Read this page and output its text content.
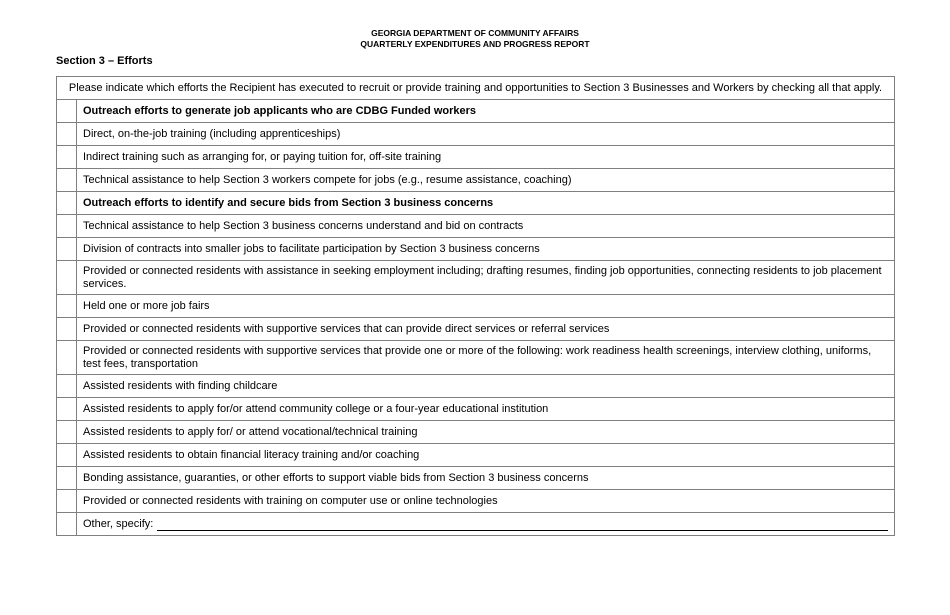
GEORGIA DEPARTMENT OF COMMUNITY AFFAIRS
QUARTERLY EXPENDITURES AND PROGRESS REPORT
Section 3 – Efforts
Please indicate which efforts the Recipient has executed to recruit or provide training and opportunities to Section 3 Businesses and Workers by checking all that apply.	
	Outreach efforts to generate job applicants who are CDBG Funded workers
	Direct, on-the-job training (including apprenticeships)
	Indirect training such as arranging for, or paying tuition for, off-site training
	Technical assistance to help Section 3 workers compete for jobs (e.g., resume assistance, coaching)
	Outreach efforts to identify and secure bids from Section 3 business concerns
	Technical assistance to help Section 3 business concerns understand and bid on contracts
	Division of contracts into smaller jobs to facilitate participation by Section 3 business concerns
	Provided or connected residents with assistance in seeking employment including; drafting resumes, finding job opportunities, connecting residents to job placement services.
	Held one or more job fairs
	Provided or connected residents with supportive services that can provide direct services or referral services
	Provided or connected residents with supportive services that provide one or more of the following: work readiness health screenings, interview clothing, uniforms, test fees, transportation
	Assisted residents with finding childcare
	Assisted residents to apply for/or attend community college or a four-year educational institution
	Assisted residents to apply for/ or attend vocational/technical training
	Assisted residents to obtain financial literacy training and/or coaching
	Bonding assistance, guaranties, or other efforts to support viable bids from Section 3 business concerns
	Provided or connected residents with training on computer use or online technologies

	Other, specify:
